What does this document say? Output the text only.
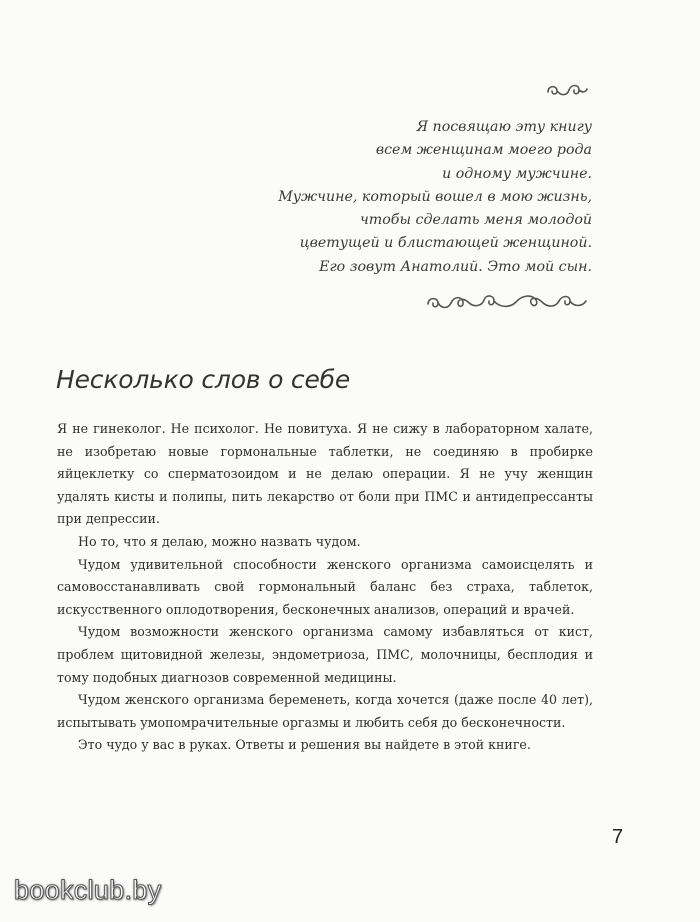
Я посвящаю эту книгу
всем женщинам моего рода
и одному мужчине.
Мужчине, который вошел в мою жизнь,
чтобы сделать меня молодой
цветущей и блистающей женщиной.
Его зовут Анатолий. Это мой сын.
Несколько слов о себе

Я не гинеколог. Не психолог. Не повитуха. Я не сижу в лабораторном халате, не изобретаю новые гормональные таблетки, не соединяю в пробирке яйцеклетку со сперматозоидом и не делаю операции. Я не учу женщин удалять кисты и полипы, пить лекарство от боли при ПМС и антидепрессанты при депрессии.

Но то, что я делаю, можно назвать чудом.

Чудом удивительной способности женского организма самоисцелять и самовосстанавливать свой гормональный баланс без страха, таблеток, искусственного оплодотворения, бесконечных анализов, операций и врачей.

Чудом возможности женского организма самому избавляться от кист, проблем щитовидной железы, эндометриоза, ПМС, молочницы, бесплодия и тому подобных диагнозов современной медицины.

Чудом женского организма беременеть, когда хочется (даже после 40 лет), испытывать умопомрачительные оргазмы и любить себя до бесконечности.

Это чудо у вас в руках. Ответы и решения вы найдете в этой книге.

7
bookclub.by
